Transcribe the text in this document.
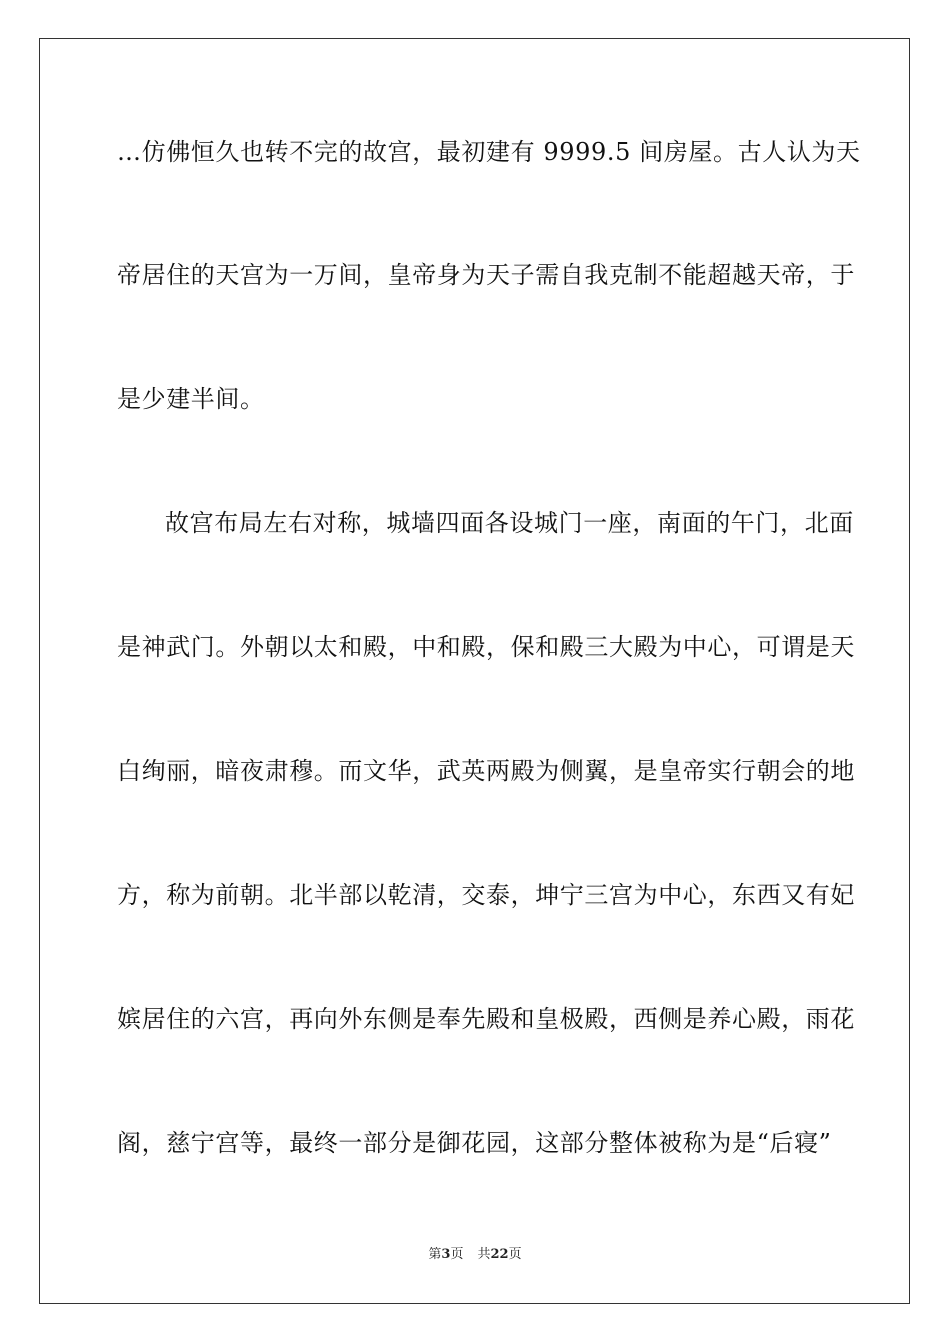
…仿佛恒久也转不完的故宫，最初建有 9999.5 间房屋。古人认为天
帝居住的天宫为一万间，皇帝身为天子需自我克制不能超越天帝，于
是少建半间。
故宫布局左右对称，城墙四面各设城门一座，南面的午门，北面
是神武门。外朝以太和殿，中和殿，保和殿三大殿为中心，可谓是天
白绚丽，暗夜肃穆。而文华，武英两殿为侧翼，是皇帝实行朝会的地
方，称为前朝。北半部以乾清，交泰，坤宁三宫为中心，东西又有妃
嫔居住的六宫，再向外东侧是奉先殿和皇极殿，西侧是养心殿，雨花
阁，慈宁宫等，最终一部分是御花园，这部分整体被称为是“后寝”
第3页 共22页
